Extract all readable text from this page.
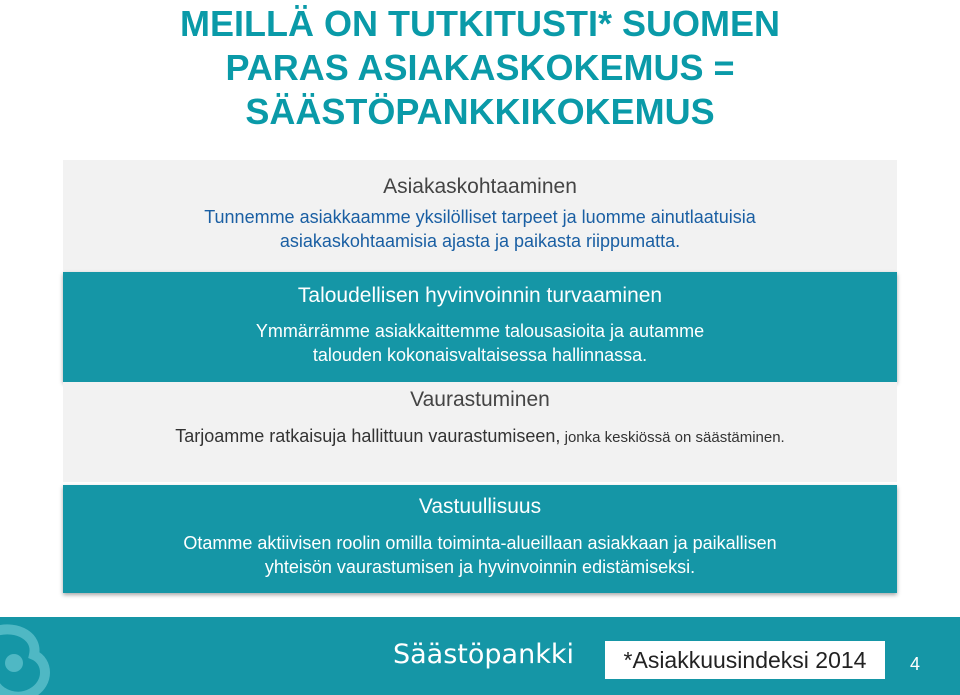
MEILLÄ ON TUTKITUSTI* SUOMEN
PARAS ASIAKASKOKEMUS =
SÄÄSTÖPANKKIKOKEMUS
Asiakaskohtaaminen
Tunnemme asiakkaamme yksilölliset tarpeet ja luomme ainutlaatuisia
asiakaskohtaamisia ajasta ja paikasta riippumatta.
Taloudellisen hyvinvoinnin turvaaminen
Ymmärrämme asiakkaittemme talousasioita ja autamme
talouden kokonaisvaltaisessa hallinnassa.
Vaurastuminen
Tarjoamme ratkaisuja hallittuun vaurastumiseen, jonka keskiössä on säästäminen.
Vastuullisuus
Otamme aktiivisen roolin omilla toiminta-alueillaan asiakkaan ja paikallisen
yhteisön vaurastumisen ja hyvinvoinnin edistämiseksi.
Säästöpankki	*Asiakkuusindeksi 2014	4
